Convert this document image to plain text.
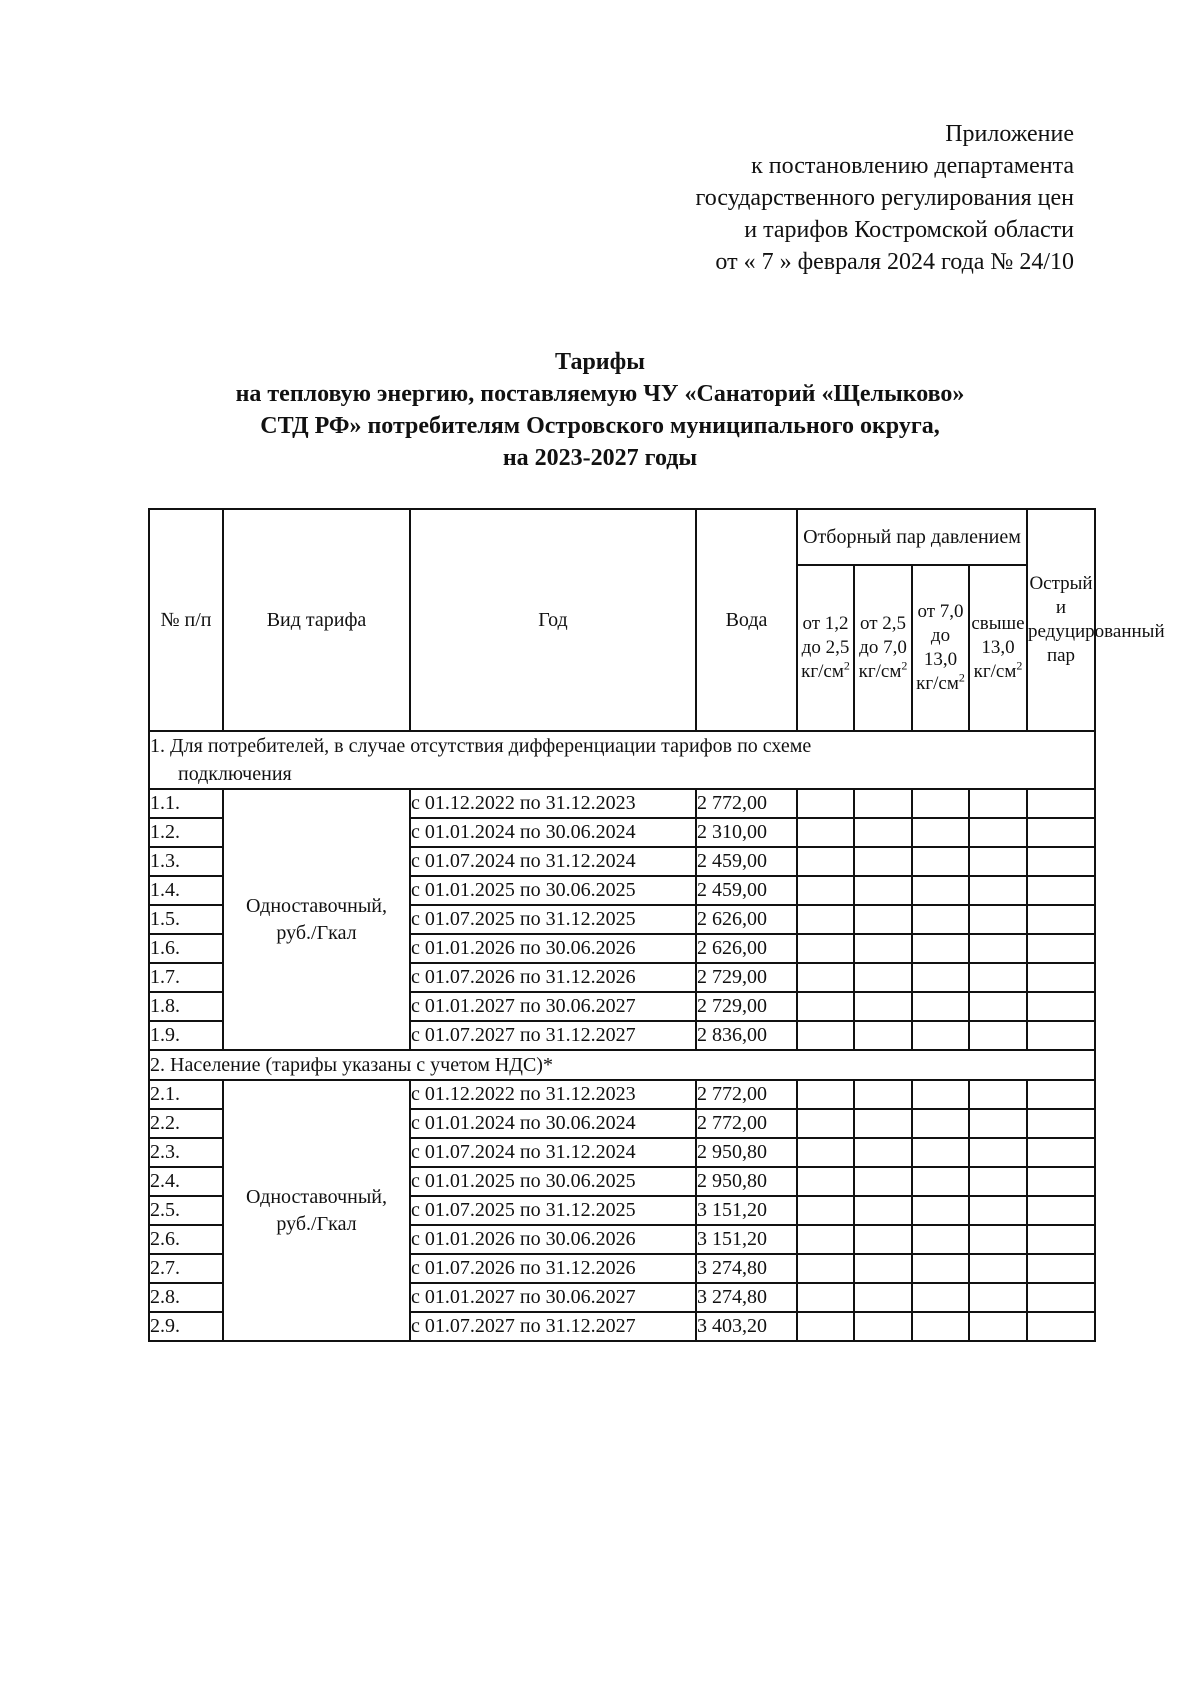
Приложение
к постановлению департамента
государственного регулирования цен
и тарифов Костромской области
от « 7 » февраля 2024 года № 24/10
Тарифы
на тепловую энергию, поставляемую ЧУ «Санаторий «Щелыково»
СТД РФ» потребителям Островского муниципального округа,
на 2023-2027 годы
№ п/п	Вид тарифа	Год	Вода	Отборный пар давлением				Острый и редуцированный пар
				от 1,2 до 2,5 $кг/см^2$	от 2,5 до 7,0 $кг/см^2$	от 7,0 до 13,0 $кг/см^2$	свыше 13,0 $кг/см^2$
1. Для потребителей, в случае отсутствия дифференциации тарифов по схеме
подключения								

1.1.	Одноставочный, руб./Гкал	с 01.12.2022 по 31.12.2023	2 772,00					
1.2.		с 01.01.2024 по 30.06.2024	2 310,00					
1.3.		с 01.07.2024 по 31.12.2024	2 459,00					
1.4.		с 01.01.2025 по 30.06.2025	2 459,00					
1.5.		с 01.07.2025 по 31.12.2025	2 626,00					
1.6.		с 01.01.2026 по 30.06.2026	2 626,00					
1.7.		с 01.07.2026 по 31.12.2026	2 729,00					
1.8.		с 01.01.2027 по 30.06.2027	2 729,00					
1.9.		с 01.07.2027 по 31.12.2027	2 836,00					
2. Население (тарифы указаны с учетом НДС)*								
2.1.	Одноставочный, руб./Гкал	с 01.12.2022 по 31.12.2023	2 772,00					
2.2.		с 01.01.2024 по 30.06.2024	2 772,00					
2.3.		с 01.07.2024 по 31.12.2024	2 950,80					
2.4.		с 01.01.2025 по 30.06.2025	2 950,80					
2.5.		с 01.07.2025 по 31.12.2025	3 151,20					
2.6.		с 01.01.2026 по 30.06.2026	3 151,20					
2.7.		с 01.07.2026 по 31.12.2026	3 274,80					
2.8.		с 01.01.2027 по 30.06.2027	3 274,80					
2.9.		с 01.07.2027 по 31.12.2027	3 403,20					
